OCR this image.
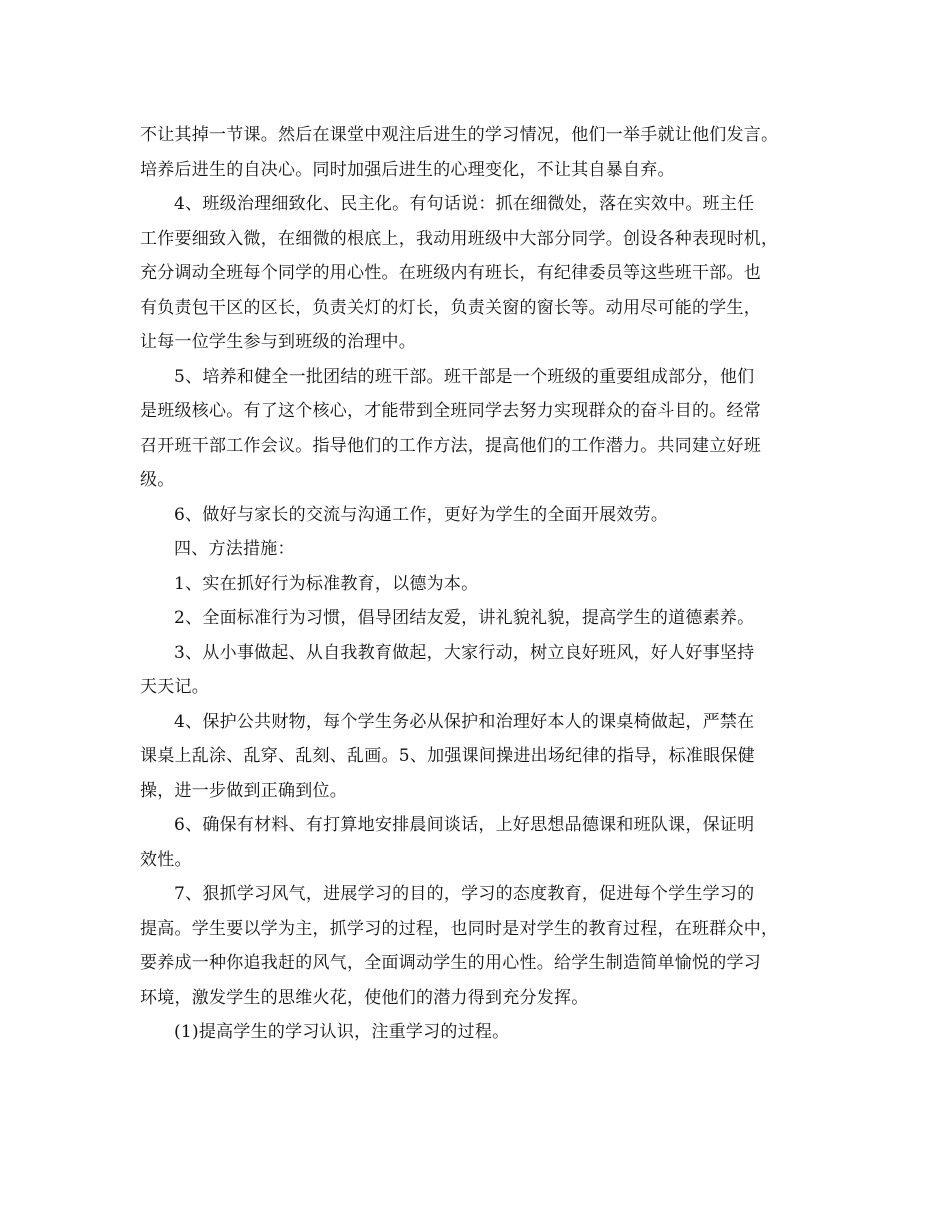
不让其掉一节课。然后在课堂中观注后进生的学习情况，他们一举手就让他们发言。
培养后进生的自决心。同时加强后进生的心理变化，不让其自暴自弃。
4、班级治理细致化、民主化。有句话说：抓在细微处，落在实效中。班主任
工作要细致入微，在细微的根底上，我动用班级中大部分同学。创设各种表现时机，
充分调动全班每个同学的用心性。在班级内有班长，有纪律委员等这些班干部。也
有负责包干区的区长，负责关灯的灯长，负责关窗的窗长等。动用尽可能的学生，
让每一位学生参与到班级的治理中。
5、培养和健全一批团结的班干部。班干部是一个班级的重要组成部分，他们
是班级核心。有了这个核心，才能带到全班同学去努力实现群众的奋斗目的。经常
召开班干部工作会议。指导他们的工作方法，提高他们的工作潜力。共同建立好班
级。
6、做好与家长的交流与沟通工作，更好为学生的全面开展效劳。
四、方法措施：
1、实在抓好行为标准教育，以德为本。
2、全面标准行为习惯，倡导团结友爱，讲礼貌礼貌，提高学生的道德素养。
3、从小事做起、从自我教育做起，大家行动，树立良好班风，好人好事坚持
天天记。
4、保护公共财物，每个学生务必从保护和治理好本人的课桌椅做起，严禁在
课桌上乱涂、乱穿、乱刻、乱画。5、加强课间操进出场纪律的指导，标准眼保健
操，进一步做到正确到位。
6、确保有材料、有打算地安排晨间谈话，上好思想品德课和班队课，保证明
效性。
7、狠抓学习风气，进展学习的目的，学习的态度教育，促进每个学生学习的
提高。学生要以学为主，抓学习的过程，也同时是对学生的教育过程，在班群众中，
要养成一种你追我赶的风气，全面调动学生的用心性。给学生制造简单愉悦的学习
环境，激发学生的思维火花，使他们的潜力得到充分发挥。
(1)提高学生的学习认识，注重学习的过程。
